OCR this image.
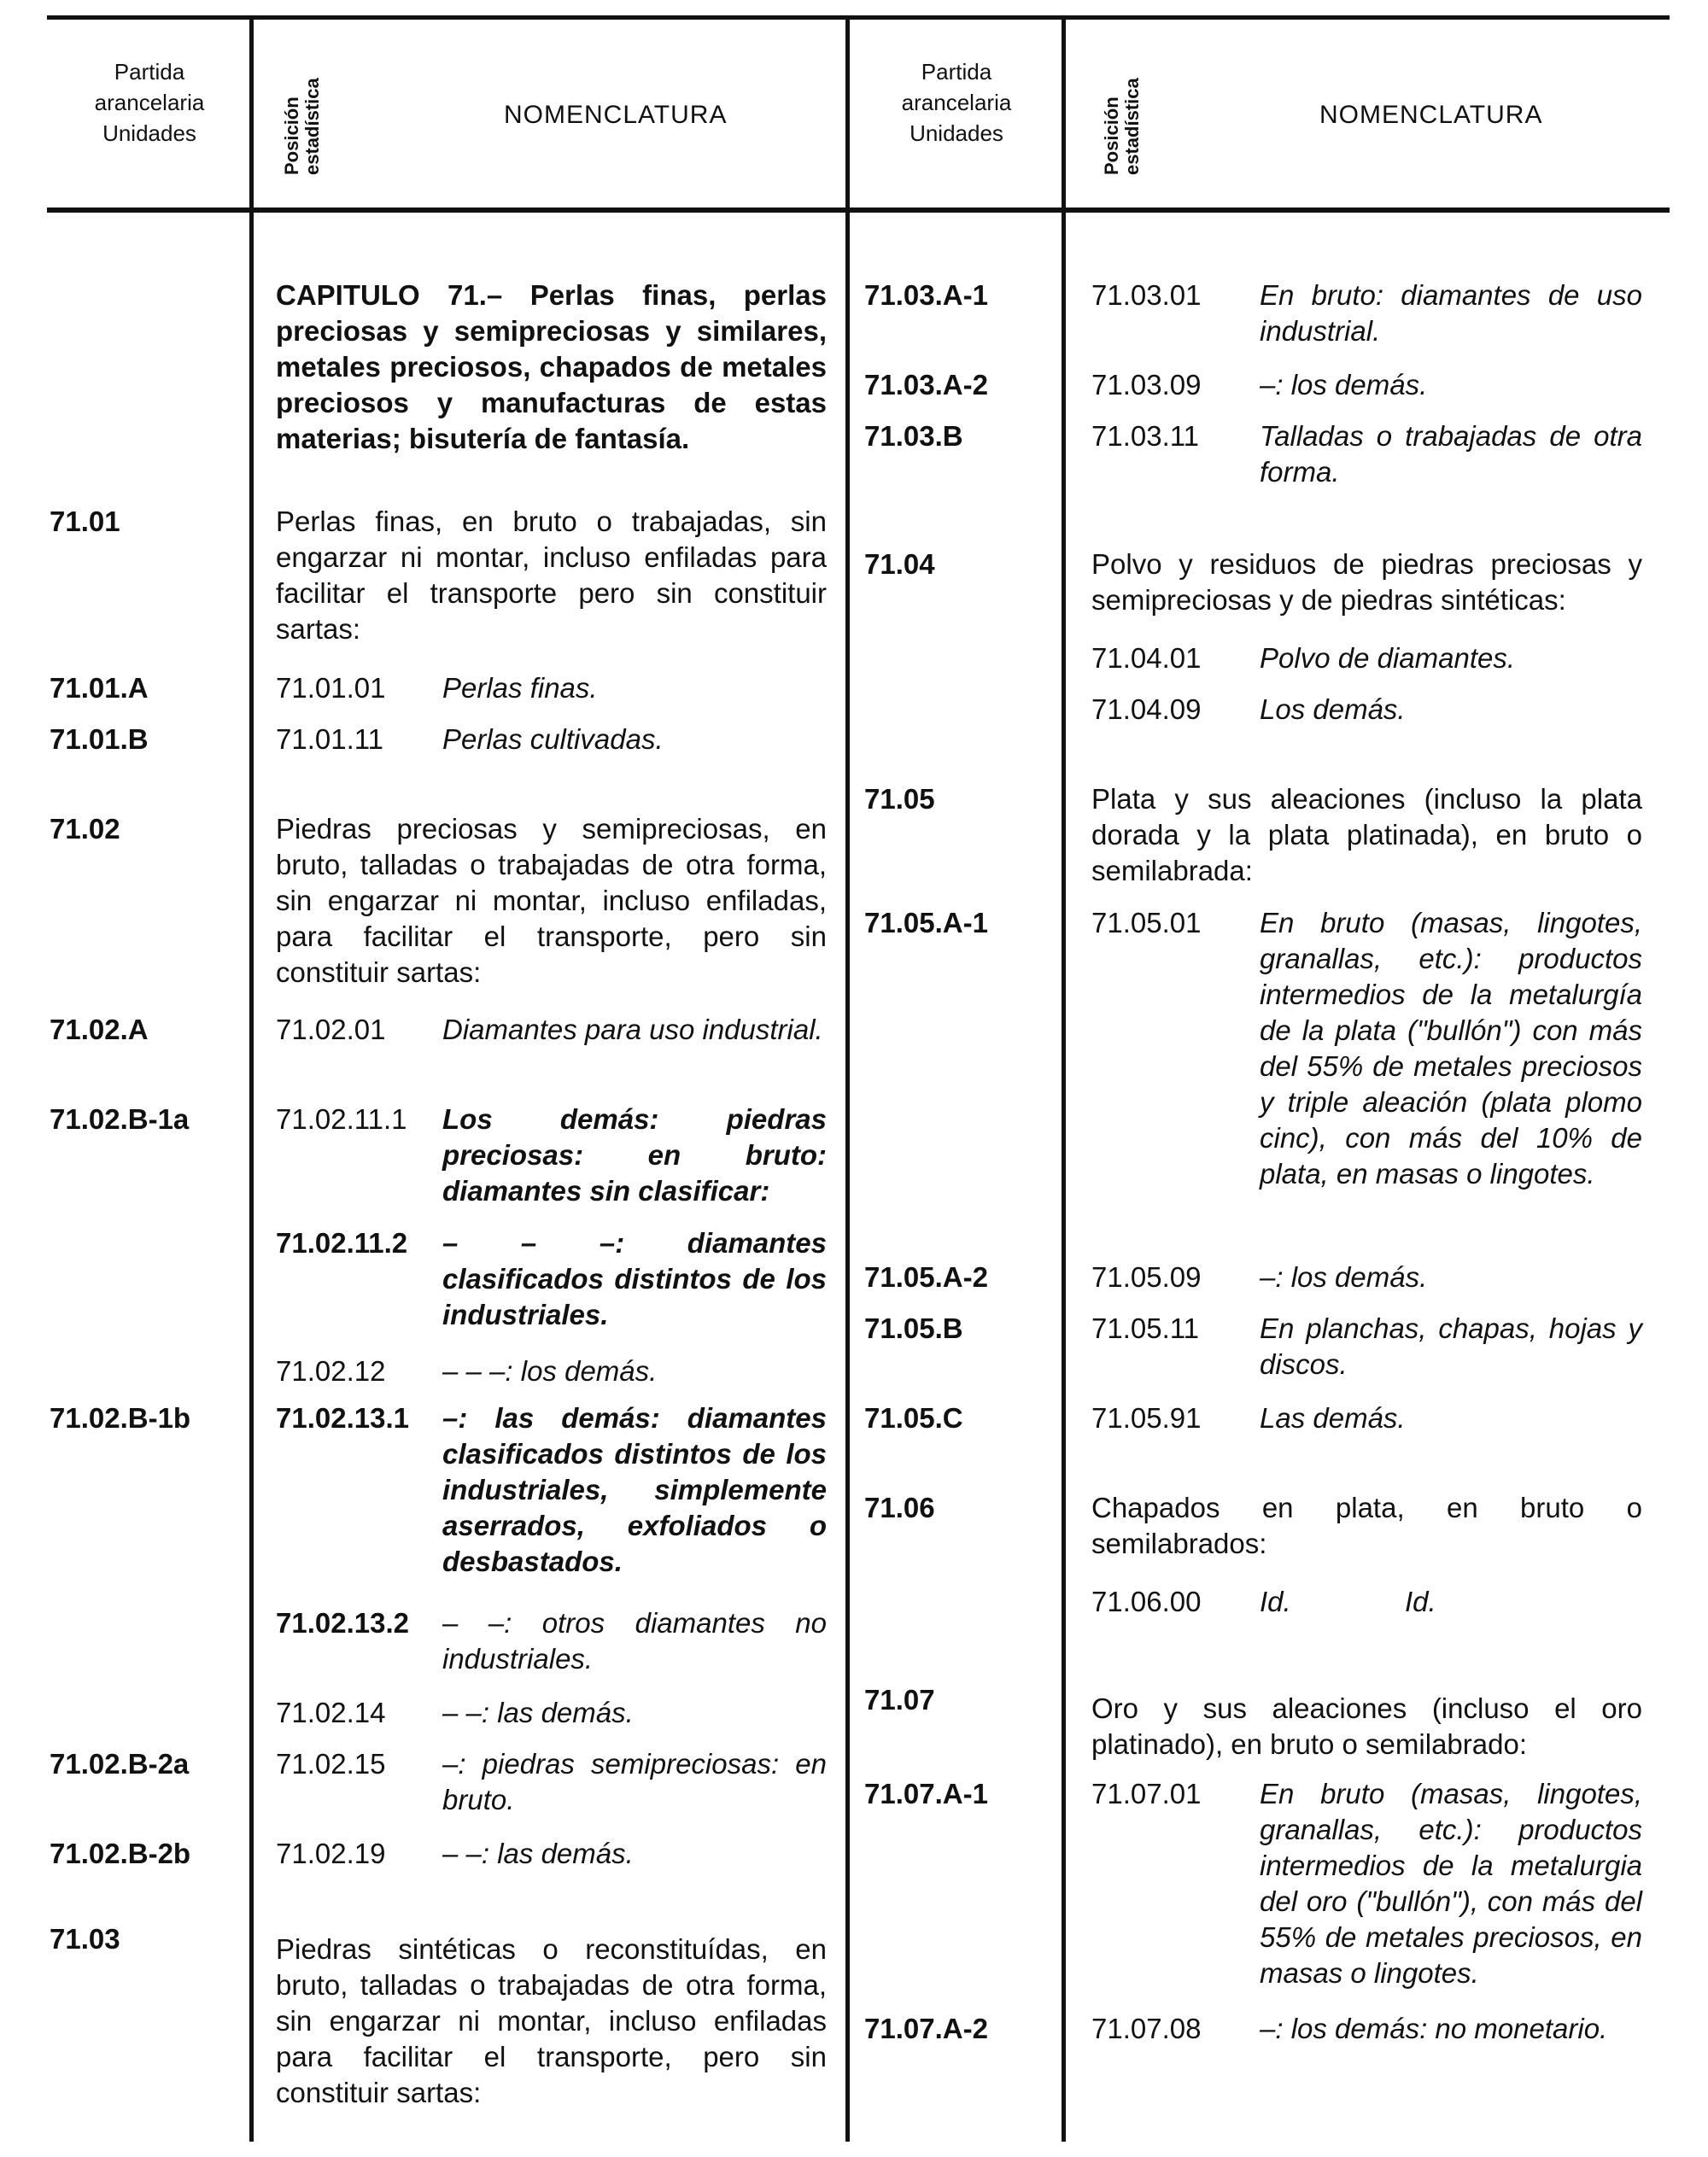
Partida
arancelaria
Unidades	Posición estadística	NOMENCLATURA
Partida
arancelaria
Unidades	Posición estadística	NOMENCLATURA
CAPITULO 71.– Perlas finas, perlas preciosas y semipreciosas y similares, metales preciosos, chapados de metales preciosos y manufacturas de estas materias; bisutería de fantasía.
71.01	Perlas finas, en bruto o trabajadas, sin engarzar ni montar, incluso enfiladas para facilitar el transporte pero sin constituir sartas:
71.01.A	71.01.01 Perlas finas.
71.01.B	71.01.11 Perlas cultivadas.
71.02	Piedras preciosas y semipreciosas, en bruto, talladas o trabajadas de otra forma, sin engarzar ni montar, incluso enfiladas, para facilitar el transporte, pero sin constituir sartas:
71.02.A	71.02.01 Diamantes para uso industrial.
71.02.B-1a	71.02.11.1 Los demás: piedras preciosas: en bruto: diamantes sin clasificar:
71.02.11.2 – – –: diamantes clasificados distintos de los industriales.
71.02.12 – – –: los demás.
71.02.B-1b	71.02.13.1 –: las demás: diamantes clasificados distintos de los industriales, simplemente aserrados, exfoliados o desbastados.
71.02.13.2 – –: otros diamantes no industriales.
71.02.14 – –: las demás.
71.02.B-2a	71.02.15 –: piedras semipreciosas: en bruto.
71.02.B-2b	71.02.19 – –: las demás.
71.03	Piedras sintéticas o reconstituídas, en bruto, talladas o trabajadas de otra forma, sin engarzar ni montar, incluso enfiladas para facilitar el transporte, pero sin constituir sartas:
71.03.A-1	71.03.01 En bruto: diamantes de uso industrial.
71.03.A-2	71.03.09 –: los demás.
71.03.B	71.03.11 Talladas o trabajadas de otra forma.
71.04	Polvo y residuos de piedras preciosas y semipreciosas y de piedras sintéticas:
71.04.01 Polvo de diamantes.
71.04.09 Los demás.
71.05	Plata y sus aleaciones (incluso la plata dorada y la plata platinada), en bruto o semilabrada:
71.05.A-1	71.05.01 En bruto (masas, lingotes, granallas, etc.): productos intermedios de la metalurgía de la plata ("bullón") con más del 55% de metales preciosos y triple aleación (plata plomo cinc), con más del 10% de plata, en masas o lingotes.
71.05.A-2	71.05.09 –: los demás.
71.05.B	71.05.11 En planchas, chapas, hojas y discos.
71.05.C	71.05.91 Las demás.
71.06	Chapados en plata, en bruto o semilabrados:
71.06.00 Id.	Id.
71.07	Oro y sus aleaciones (incluso el oro platinado), en bruto o semilabrado:
71.07.A-1	71.07.01 En bruto (masas, lingotes, granallas, etc.): productos intermedios de la metalurgia del oro ("bullón"), con más del 55% de metales preciosos, en masas o lingotes.
71.07.A-2	71.07.08 –: los demás: no monetario.
